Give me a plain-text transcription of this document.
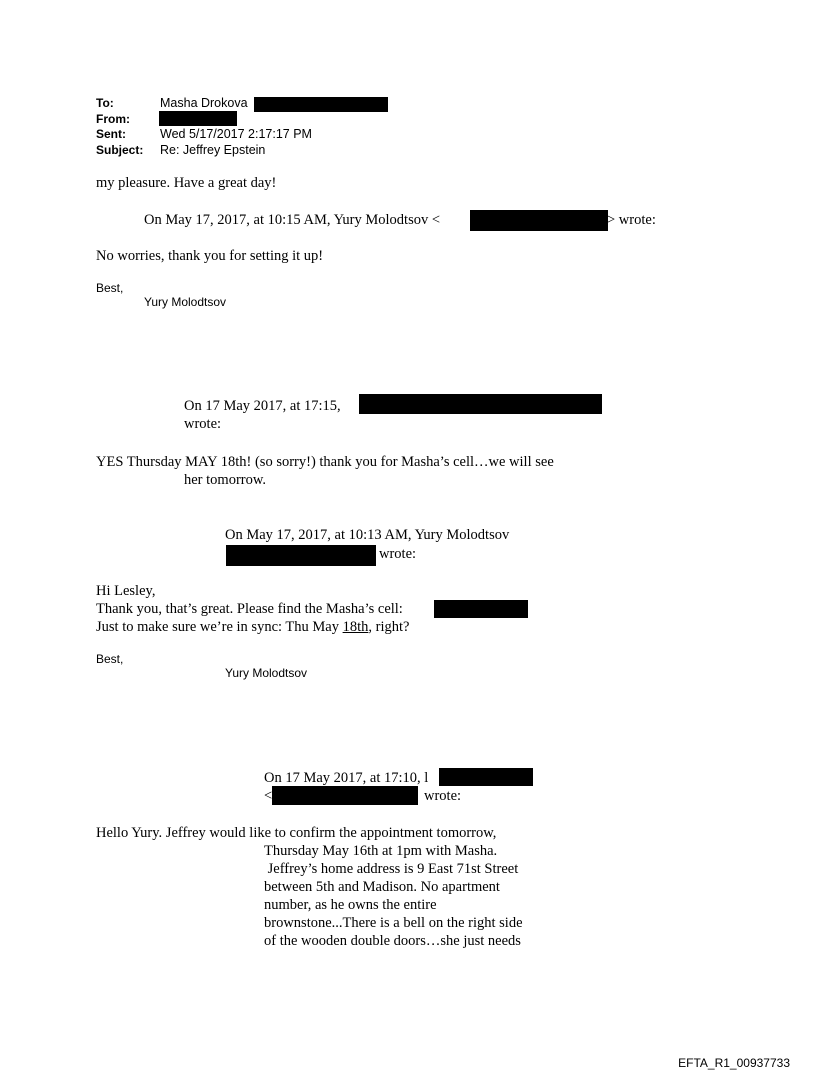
To:	Masha Drokova
From:
Sent:	Wed 5/17/2017 2:17:17 PM
Subject: Re: Jeffrey Epstein
my pleasure. Have a great day!
On May 17, 2017, at 10:15 AM, Yury Molodtsov <	> wrote:
No worries, thank you for setting it up!
Best,
Yury Molodtsov
On 17 May 2017, at 17:15,
wrote:
YES Thursday MAY 18th! (so sorry!) thank you for Masha’s cell…we will see
her tomorrow.
On May 17, 2017, at 10:13 AM, Yury Molodtsov
wrote:
Hi Lesley,
Thank you, that’s great. Please find the Masha’s cell:
Just to make sure we’re in sync: Thu May 18th, right?
Best,
Yury Molodtsov
On 17 May 2017, at 17:10, l
<	wrote:
Hello Yury. Jeffrey would like to confirm the appointment tomorrow,
Thursday May 16th at 1pm with Masha.
Jeffrey’s home address is 9 East 71st Street
between 5th and Madison. No apartment
number, as he owns the entire
brownstone...There is a bell on the right side
of the wooden double doors…she just needs
EFTA_R1_00937733
